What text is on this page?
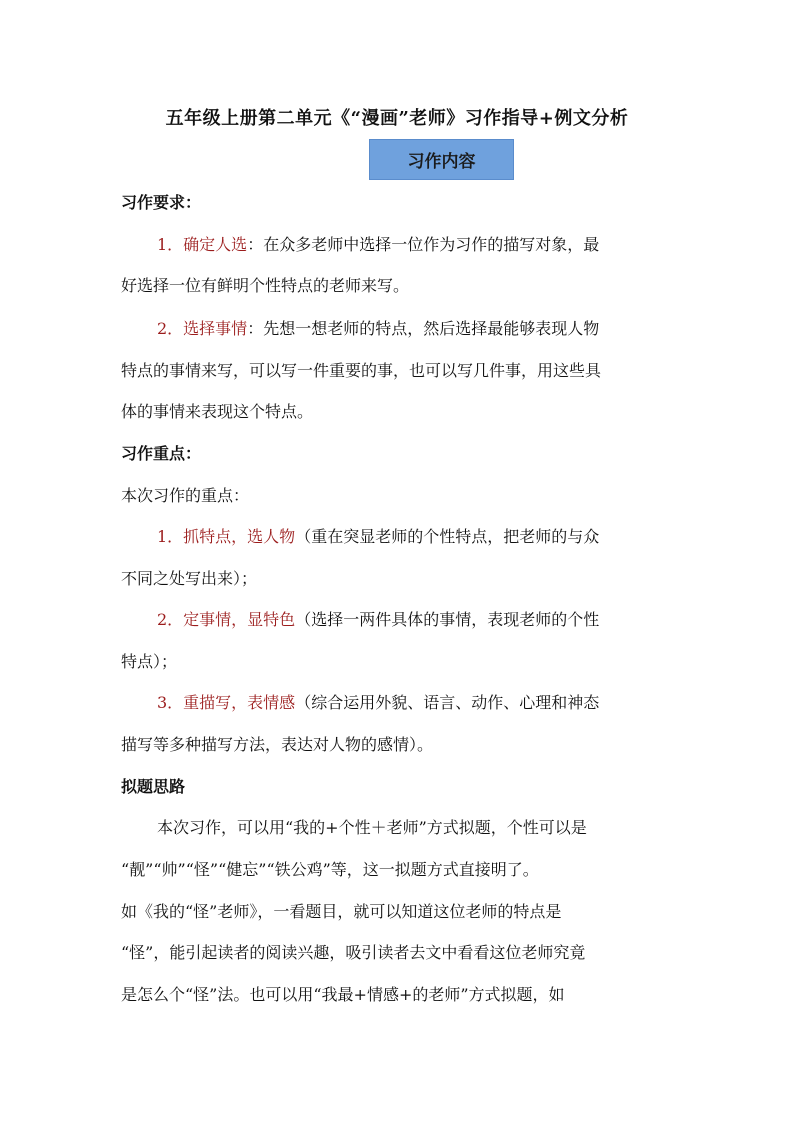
五年级上册第二单元《“漫画”老师》习作指导+例文分析
习作内容
习作要求：
1．确定人选：在众多老师中选择一位作为习作的描写对象，最
好选择一位有鲜明个性特点的老师来写。
2．选择事情：先想一想老师的特点，然后选择最能够表现人物
特点的事情来写，可以写一件重要的事，也可以写几件事，用这些具
体的事情来表现这个特点。
习作重点：
本次习作的重点：
1．抓特点，选人物（重在突显老师的个性特点，把老师的与众
不同之处写出来）；
2．定事情，显特色（选择一两件具体的事情，表现老师的个性
特点）；
3．重描写，表情感（综合运用外貌、语言、动作、心理和神态
描写等多种描写方法，表达对人物的感情）。
拟题思路
本次习作，可以用“我的+个性＋老师”方式拟题，个性可以是
“靓”“帅”“怪”“健忘”“铁公鸡”等，这一拟题方式直接明了。
如《我的“怪”老师》，一看题目，就可以知道这位老师的特点是
“怪”，能引起读者的阅读兴趣，吸引读者去文中看看这位老师究竟
是怎么个“怪”法。也可以用“我最+情感+的老师”方式拟题，如
